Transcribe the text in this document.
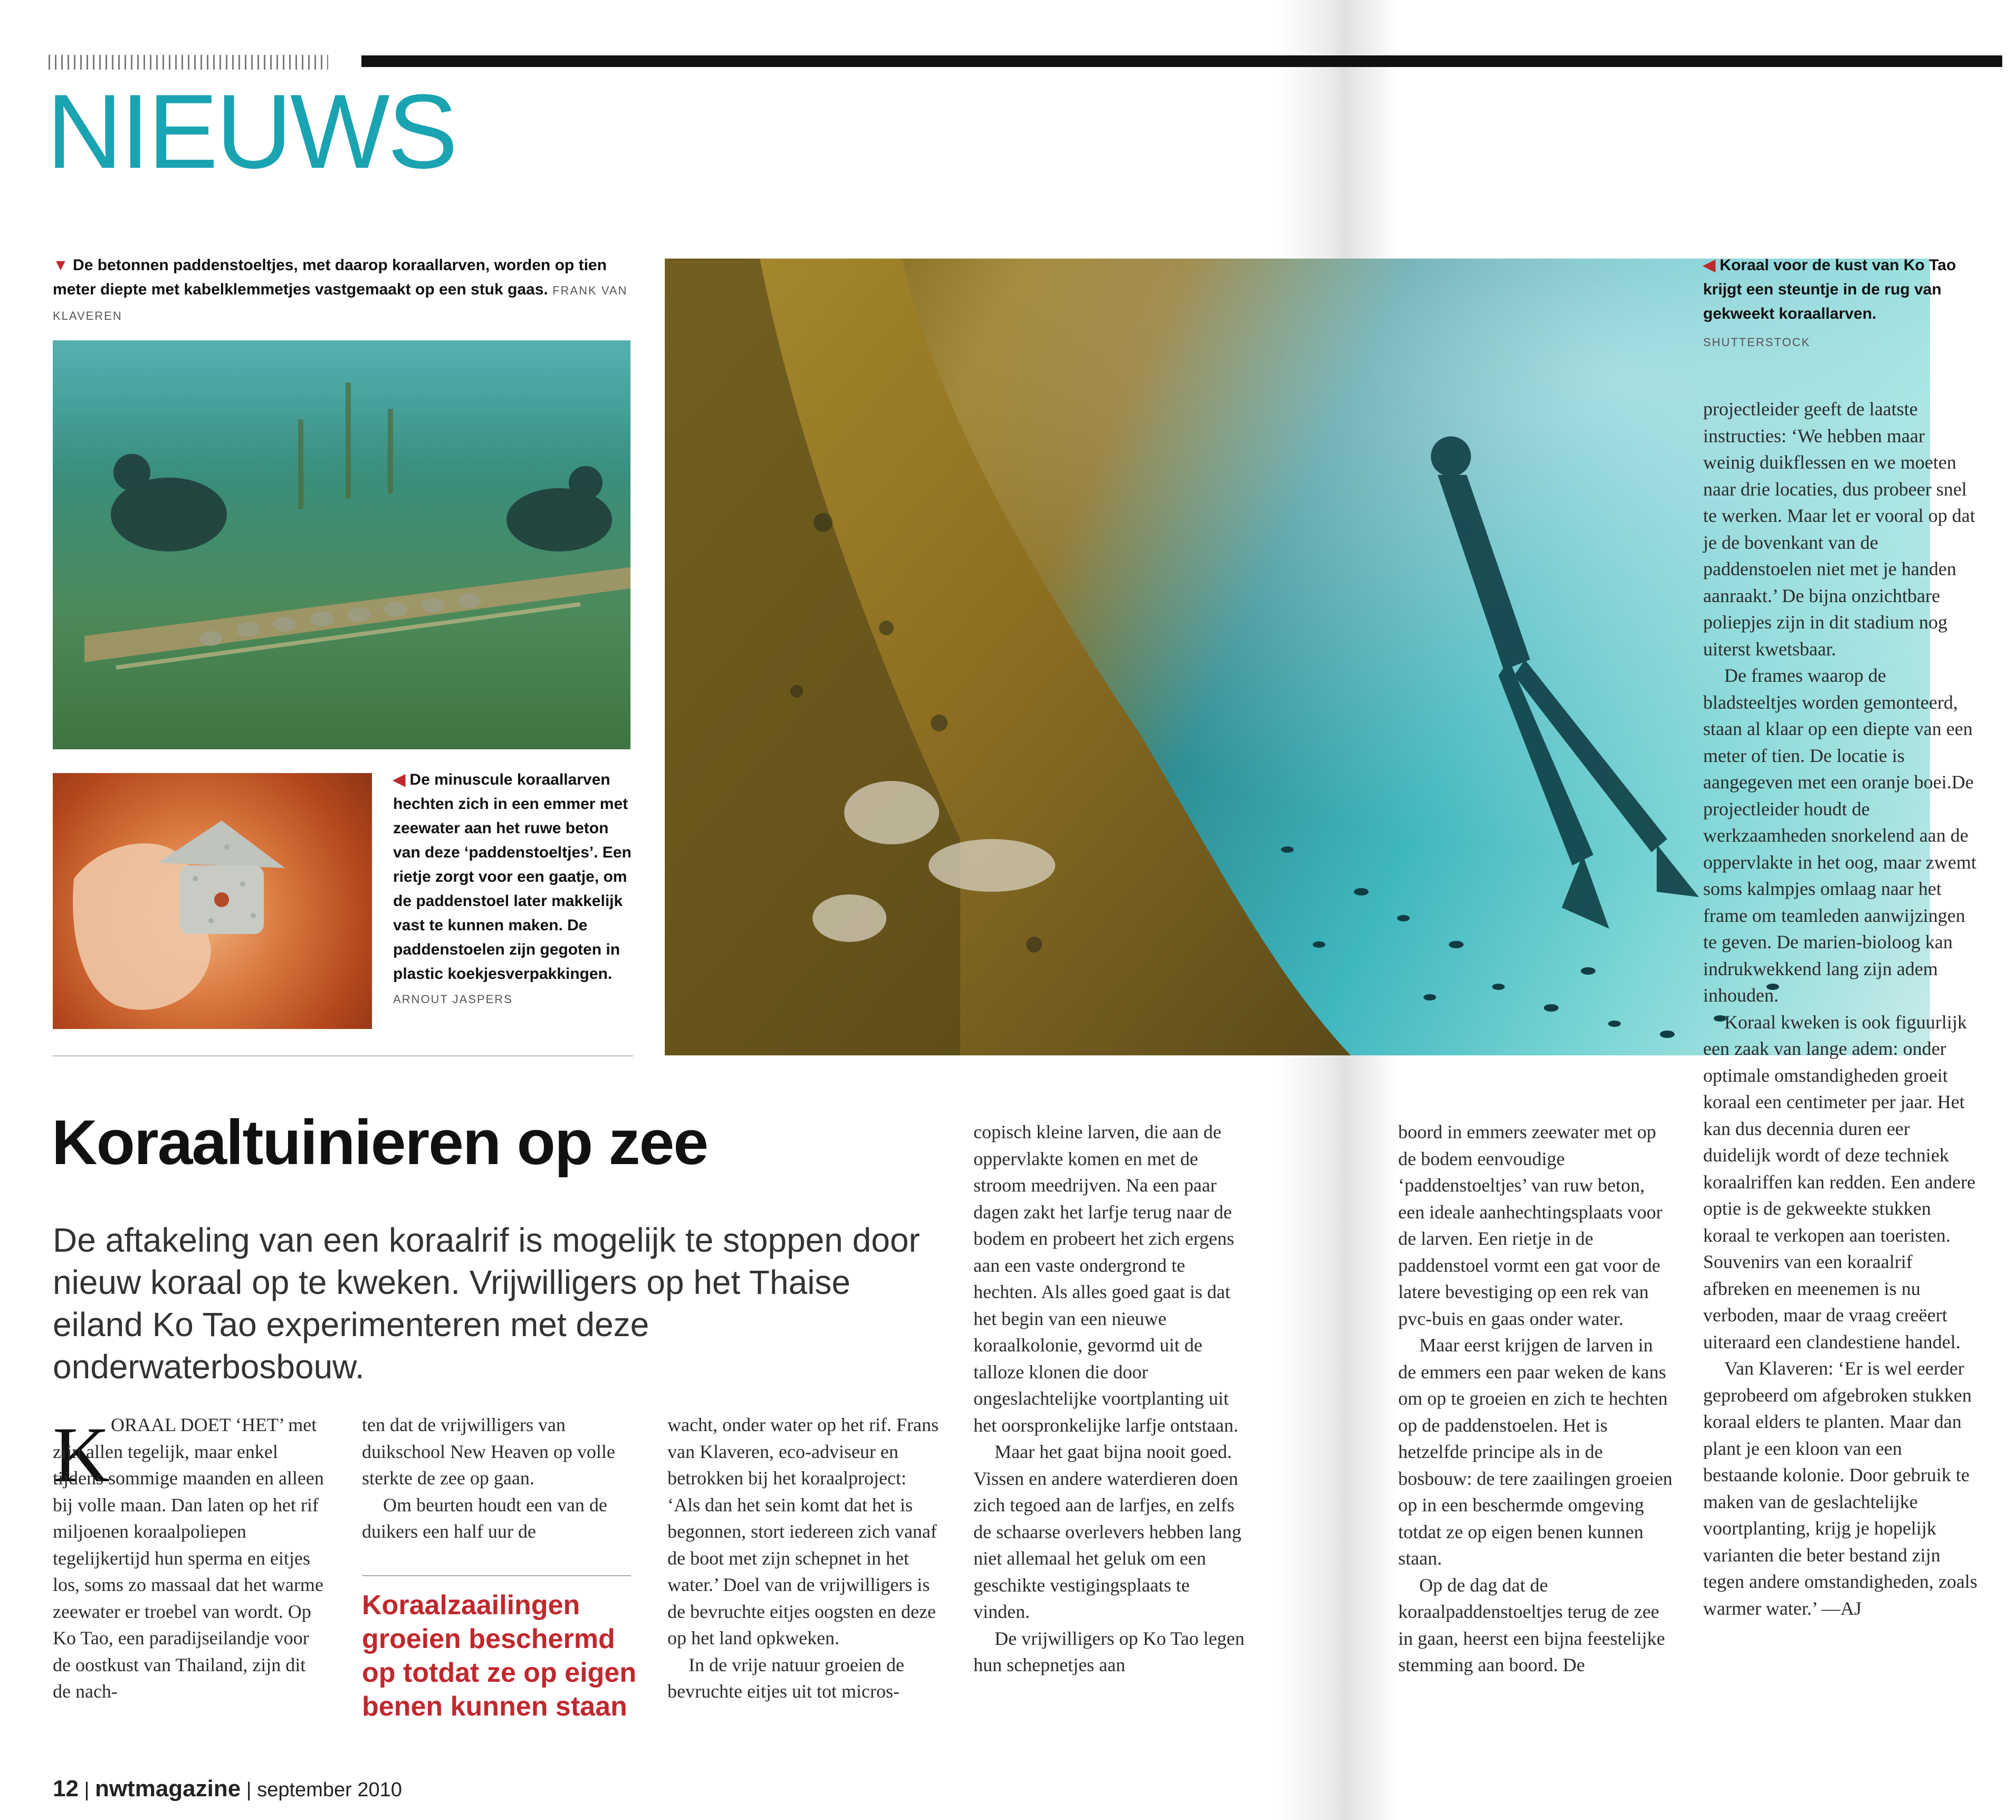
NIEUWS
▼ De betonnen paddenstoeltjes, met daarop koraallarven, worden op tien meter diepte met kabelklemmetjes vastgemaakt op een stuk gaas. FRANK VAN KLAVEREN
◀ De minuscule koraallarven hechten zich in een emmer met zeewater aan het ruwe beton van deze ‘paddenstoeltjes’. Een rietje zorgt voor een gaatje, om de paddenstoel later makkelijk vast te kunnen maken. De paddenstoelen zijn gegoten in plastic koekjesverpakkingen. ARNOUT JASPERS
◀ Koraal voor de kust van Ko Tao krijgt een steuntje in de rug van gekweekt koraallarven.
SHUTTERSTOCK
Koraaltuinieren op zee
De aftakeling van een koraalrif is mogelijk te stoppen door nieuw koraal op te kweken. Vrijwilligers op het Thaise eiland Ko Tao experimenteren met deze onderwaterbosbouw.
K ORAAL DOET ‘HET’ met zijn allen tegelijk, maar enkel tijdens sommige maanden en alleen bij volle maan. Dan laten op het rif miljoenen koraalpoliepen tegelijkertijd hun sperma en eitjes los, soms zo massaal dat het warme zeewater er troebel van wordt. Op Ko Tao, een paradijseilandje voor de oostkust van Thailand, zijn dit de nach-

ten dat de vrijwilligers van duikschool New Heaven op volle sterkte de zee op gaan.

Om beurten houdt een van de duikers een half uur de

Koraalzaailingen groeien beschermd op totdat ze op eigen benen kunnen staan

wacht, onder water op het rif. Frans van Klaveren, eco-adviseur en betrokken bij het koraalproject: ‘Als dan het sein komt dat het is begonnen, stort iedereen zich vanaf de boot met zijn schepnet in het water.’ Doel van de vrijwilligers is de bevruchte eitjes oogsten en deze op het land opkweken.

In de vrije natuur groeien de bevruchte eitjes uit tot micros-

copisch kleine larven, die aan de oppervlakte komen en met de stroom meedrijven. Na een paar dagen zakt het larfje terug naar de bodem en probeert het zich ergens aan een vaste ondergrond te hechten. Als alles goed gaat is dat het begin van een nieuwe koraalkolonie, gevormd uit de talloze klonen die door ongeslachtelijke voortplanting uit het oorspronkelijke larfje ontstaan.

Maar het gaat bijna nooit goed. Vissen en andere waterdieren doen zich tegoed aan de larfjes, en zelfs de schaarse overlevers hebben lang niet allemaal het geluk om een geschikte vestigingsplaats te vinden.

De vrijwilligers op Ko Tao legen hun schepnetjes aan

boord in emmers zeewater met op de bodem eenvoudige ‘paddenstoeltjes’ van ruw beton, een ideale aanhechtingsplaats voor de larven. Een rietje in de paddenstoel vormt een gat voor de latere bevestiging op een rek van pvc-buis en gaas onder water.

Maar eerst krijgen de larven in de emmers een paar weken de kans om op te groeien en zich te hechten op de paddenstoelen. Het is hetzelfde principe als in de bosbouw: de tere zaailingen groeien op in een beschermde omgeving totdat ze op eigen benen kunnen staan.

Op de dag dat de koraalpaddenstoeltjes terug de zee in gaan, heerst een bijna feestelijke stemming aan boord. De

projectleider geeft de laatste instructies: ‘We hebben maar weinig duikflessen en we moeten naar drie locaties, dus probeer snel te werken. Maar let er vooral op dat je de bovenkant van de paddenstoelen niet met je handen aanraakt.’ De bijna onzichtbare poliepjes zijn in dit stadium nog uiterst kwetsbaar.

De frames waarop de bladsteeltjes worden gemonteerd, staan al klaar op een diepte van een meter of tien. De locatie is aangegeven met een oranje boei.De projectleider houdt de werkzaamheden snorkelend aan de oppervlakte in het oog, maar zwemt soms kalmpjes omlaag naar het frame om teamleden aanwijzingen te geven. De marien-bioloog kan indrukwekkend lang zijn adem inhouden.

Koraal kweken is ook figuurlijk een zaak van lange adem: onder optimale omstandigheden groeit koraal een centimeter per jaar. Het kan dus decennia duren eer duidelijk wordt of deze techniek koraalriffen kan redden. Een andere optie is de gekweekte stukken koraal te verkopen aan toeristen. Souvenirs van een koraalrif afbreken en meenemen is nu verboden, maar de vraag creëert uiteraard een clandestiene handel.

Van Klaveren: ‘Er is wel eerder geprobeerd om afgebroken stukken koraal elders te planten. Maar dan plant je een kloon van een bestaande kolonie. Door gebruik te maken van de geslachtelijke voortplanting, krijg je hopelijk varianten die beter bestand zijn tegen andere omstandigheden, zoals warmer water.’ —AJ

12 | nwtmagazine | september 2010
